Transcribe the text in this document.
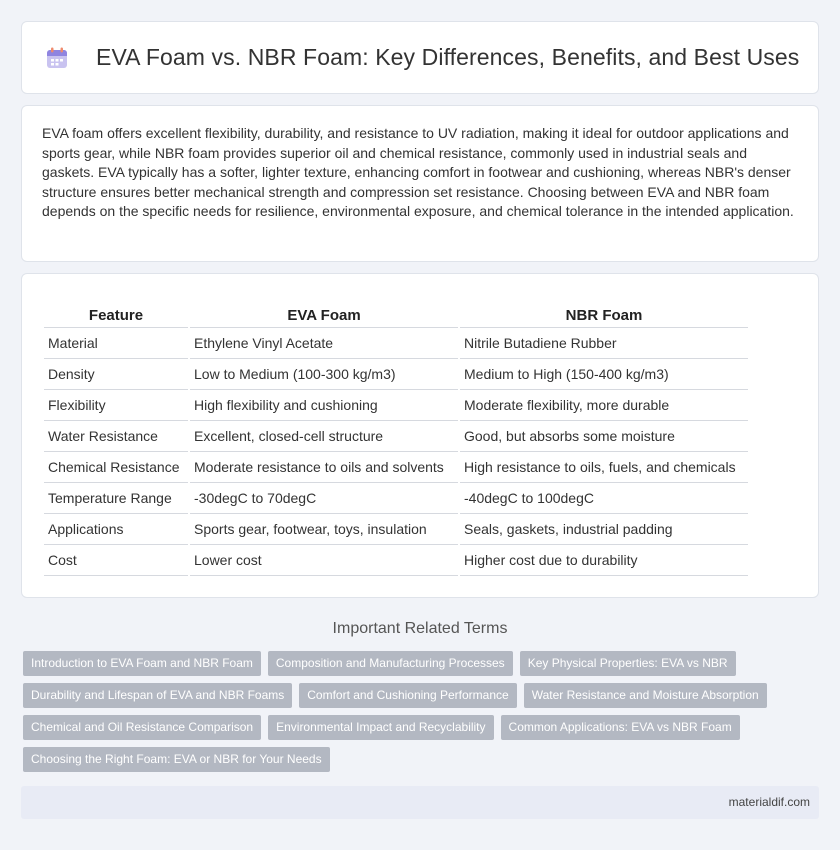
EVA Foam vs. NBR Foam: Key Differences, Benefits, and Best Uses

EVA foam offers excellent flexibility, durability, and resistance to UV radiation, making it ideal for outdoor applications and sports gear, while NBR foam provides superior oil and chemical resistance, commonly used in industrial seals and gaskets. EVA typically has a softer, lighter texture, enhancing comfort in footwear and cushioning, whereas NBR's denser structure ensures better mechanical strength and compression set resistance. Choosing between EVA and NBR foam depends on the specific needs for resilience, environmental exposure, and chemical tolerance in the intended application.

Feature	EVA Foam	NBR Foam
Material	Ethylene Vinyl Acetate	Nitrile Butadiene Rubber
Density	Low to Medium (100-300 kg/m3)	Medium to High (150-400 kg/m3)
Flexibility	High flexibility and cushioning	Moderate flexibility, more durable
Water Resistance	Excellent, closed-cell structure	Good, but absorbs some moisture
Chemical Resistance	Moderate resistance to oils and solvents	High resistance to oils, fuels, and chemicals
Temperature Range	-30degC to 70degC	-40degC to 100degC
Applications	Sports gear, footwear, toys, insulation	Seals, gaskets, industrial padding
Cost	Lower cost	Higher cost due to durability
Important Related Terms
Introduction to EVA Foam and NBR Foam	Composition and Manufacturing Processes	Key Physical Properties: EVA vs NBR
Durability and Lifespan of EVA and NBR Foams	Comfort and Cushioning Performance	Water Resistance and Moisture Absorption
Chemical and Oil Resistance Comparison	Environmental Impact and Recyclability	Common Applications: EVA vs NBR Foam
Choosing the Right Foam: EVA or NBR for Your Needs
materialdif.com
